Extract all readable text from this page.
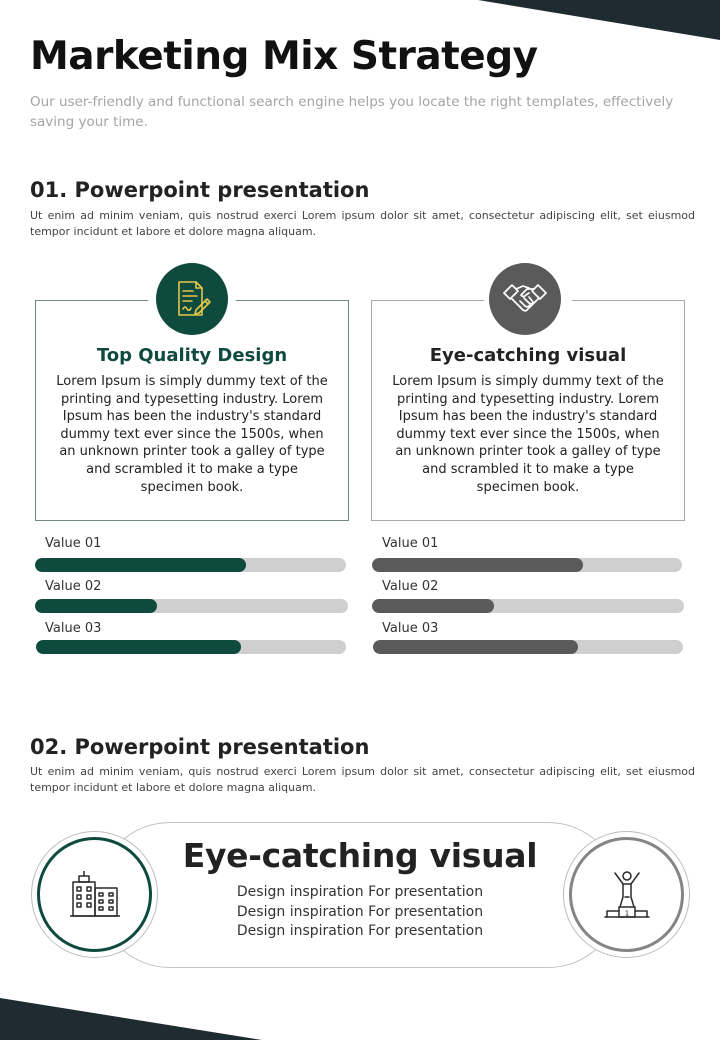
Marketing Mix Strategy
Our user-friendly and functional search engine helps you locate the right templates, effectively saving your time.
01. Powerpoint presentation
Ut enim ad minim veniam, quis nostrud exerci Lorem ipsum dolor sit amet, consectetur adipiscing elit, set eiusmod tempor incidunt et labore et dolore magna aliquam.
Top Quality Design
Lorem Ipsum is simply dummy text of the printing and typesetting industry. Lorem Ipsum has been the industry's standard dummy text ever since the 1500s, when an unknown printer took a galley of type and scrambled it to make a type specimen book.
Eye-catching visual
Lorem Ipsum is simply dummy text of the printing and typesetting industry. Lorem Ipsum has been the industry's standard dummy text ever since the 1500s, when an unknown printer took a galley of type and scrambled it to make a type specimen book.
Value 01
Value 02
Value 03
Value 01
Value 02
Value 03
02. Powerpoint presentation
Ut enim ad minim veniam, quis nostrud exerci Lorem ipsum dolor sit amet, consectetur adipiscing elit, set eiusmod tempor incidunt et labore et dolore magna aliquam.
Eye-catching visual
Design inspiration For presentation
Design inspiration For presentation
Design inspiration For presentation
1
